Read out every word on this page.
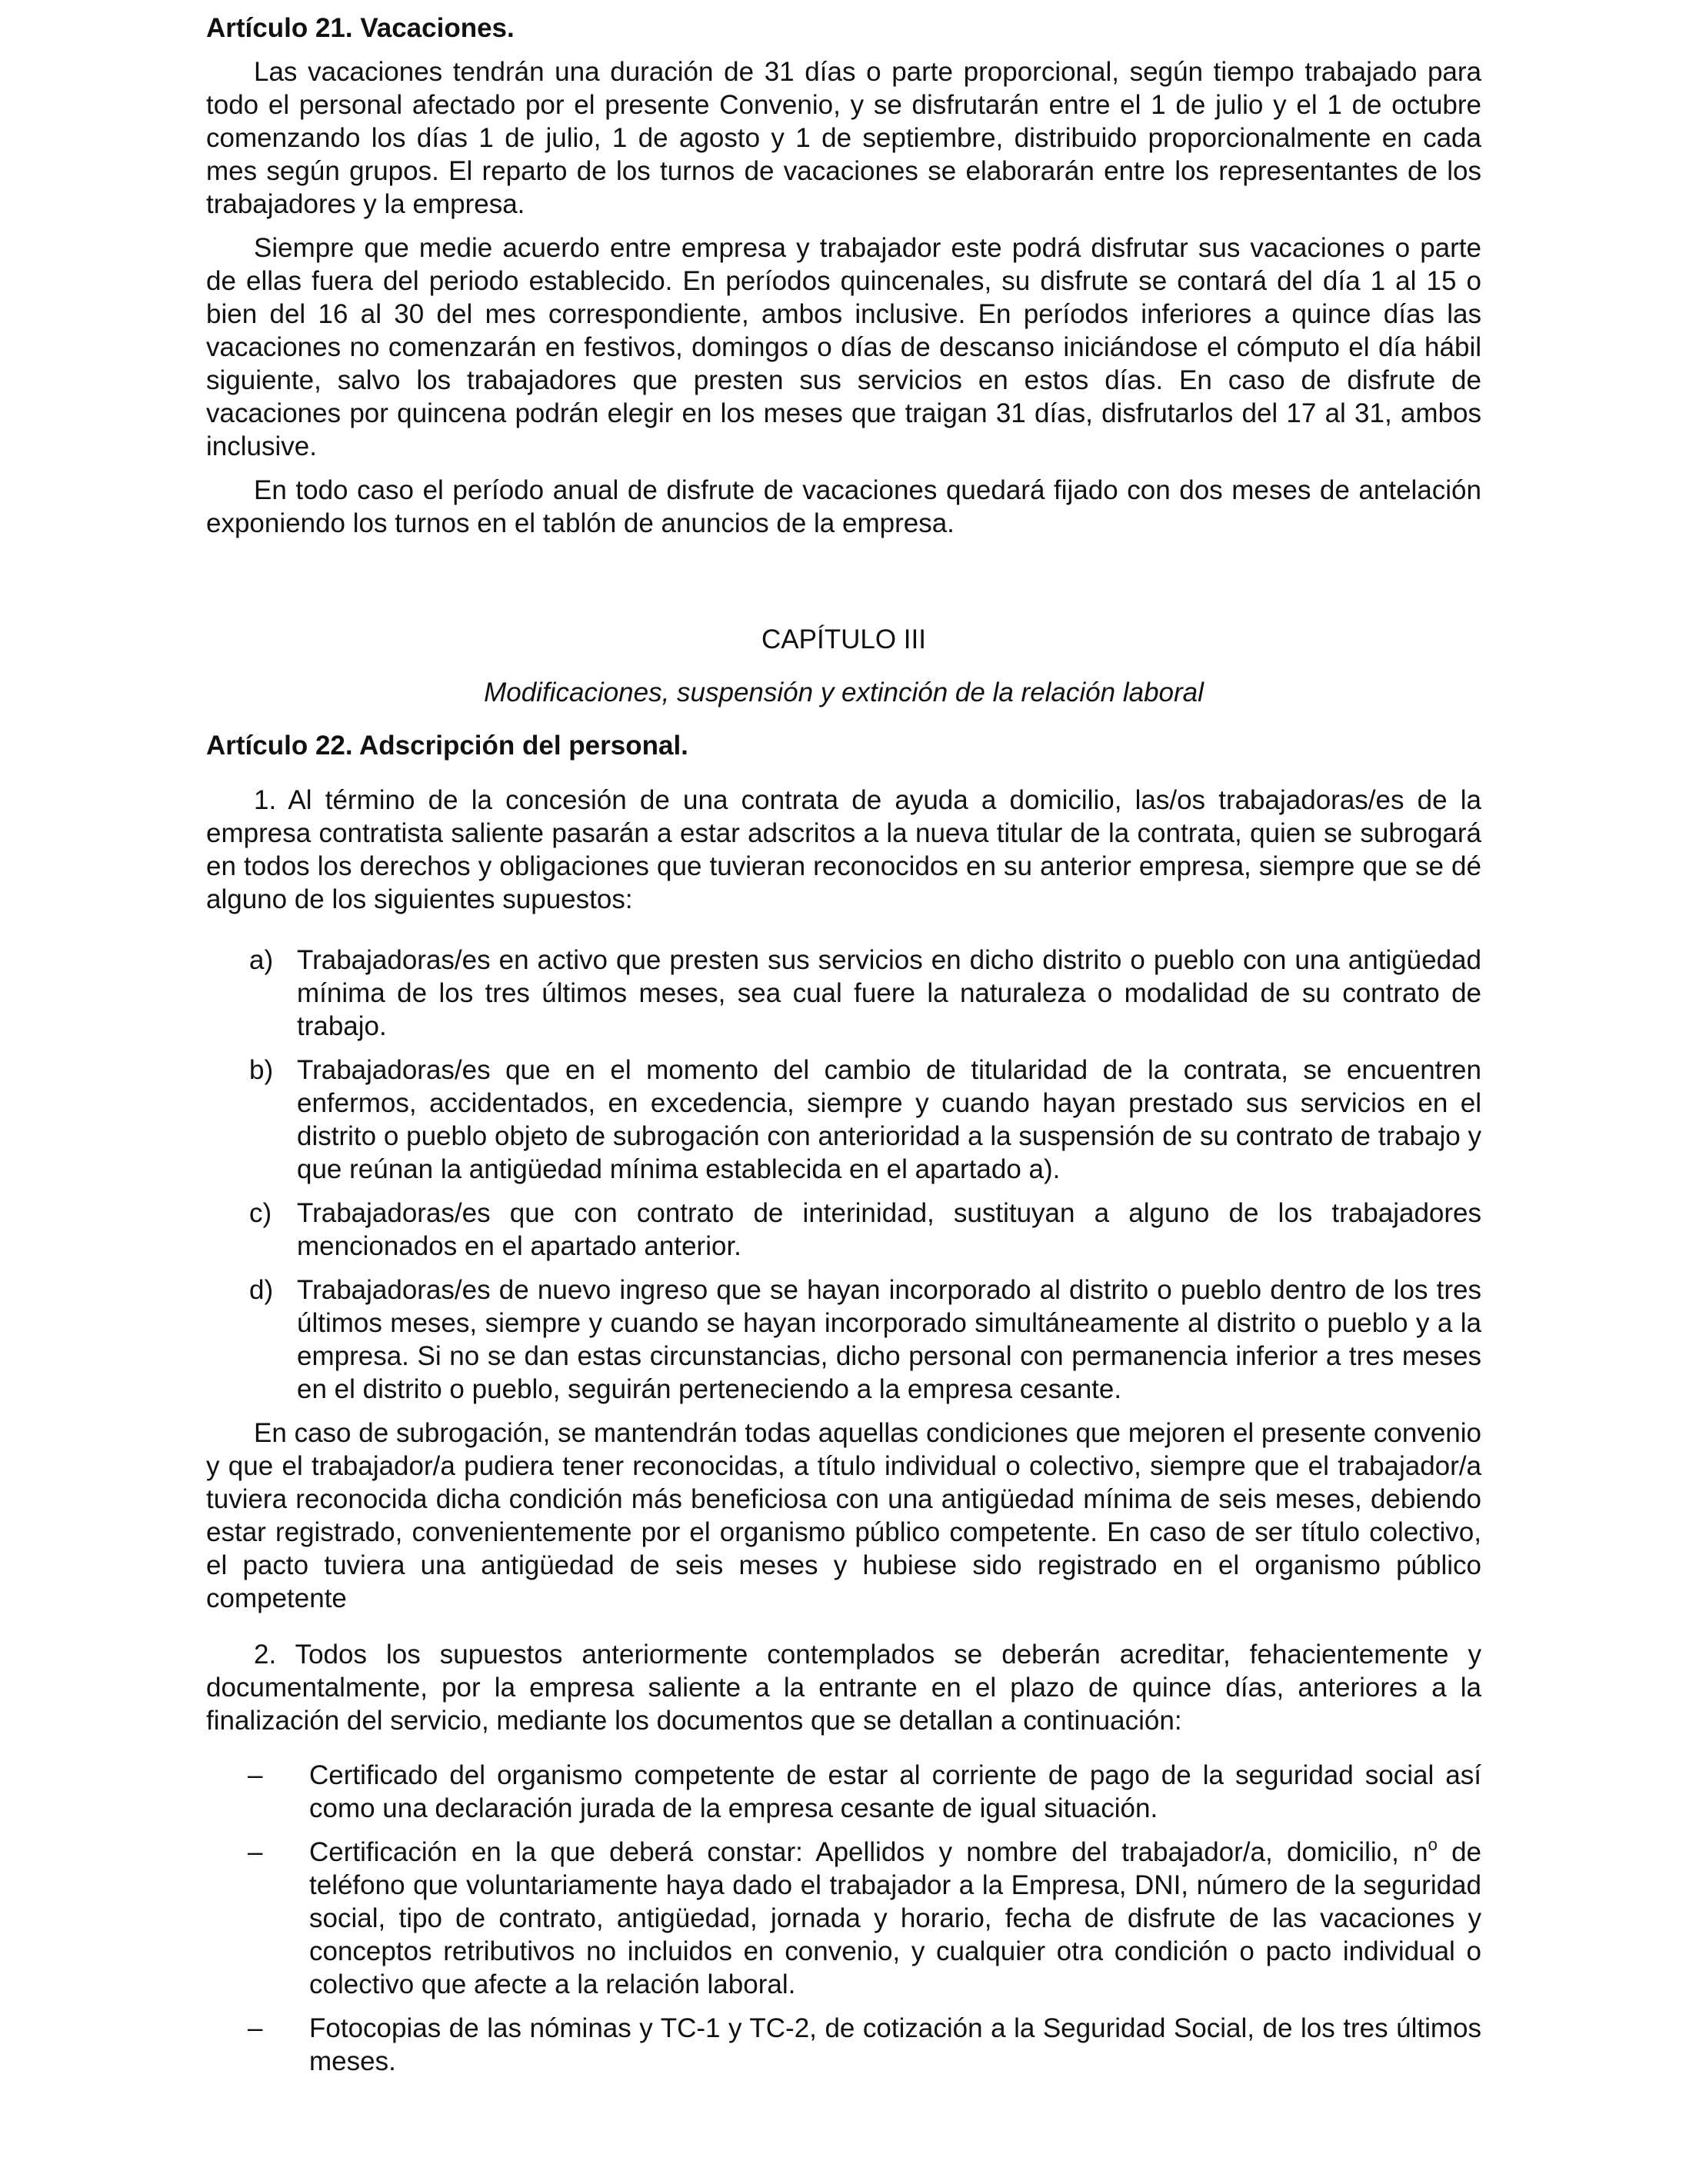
Artículo 21. Vacaciones.

Las vacaciones tendrán una duración de 31 días o parte proporcional, según tiempo trabajado para todo el personal afectado por el presente Convenio, y se disfrutarán entre el 1 de julio y el 1 de octubre comenzando los días 1 de julio, 1 de agosto y 1 de septiembre, distribuido proporcionalmente en cada mes según grupos. El reparto de los turnos de vacaciones se elaborarán entre los representantes de los trabajadores y la empresa.

Siempre que medie acuerdo entre empresa y trabajador este podrá disfrutar sus vacaciones o parte de ellas fuera del periodo establecido. En períodos quincenales, su disfrute se contará del día 1 al 15 o bien del 16 al 30 del mes correspondiente, ambos inclusive. En períodos inferiores a quince días las vacaciones no comenzarán en festivos, domingos o días de descanso iniciándose el cómputo el día hábil siguiente, salvo los trabajadores que presten sus servicios en estos días. En caso de disfrute de vacaciones por quincena podrán elegir en los meses que traigan 31 días, disfrutarlos del 17 al 31, ambos inclusive.

En todo caso el período anual de disfrute de vacaciones quedará fijado con dos meses de antelación exponiendo los turnos en el tablón de anuncios de la empresa.

CAPÍTULO III

Modificaciones, suspensión y extinción de la relación laboral

Artículo 22. Adscripción del personal.

1. Al término de la concesión de una contrata de ayuda a domicilio, las/os trabajadoras/es de la empresa contratista saliente pasarán a estar adscritos a la nueva titular de la contrata, quien se subrogará en todos los derechos y obligaciones que tuvieran reconocidos en su anterior empresa, siempre que se dé alguno de los siguientes supuestos:

a) Trabajadoras/es en activo que presten sus servicios en dicho distrito o pueblo con una antigüedad mínima de los tres últimos meses, sea cual fuere la naturaleza o modalidad de su contrato de trabajo.
b) Trabajadoras/es que en el momento del cambio de titularidad de la contrata, se encuentren enfermos, accidentados, en excedencia, siempre y cuando hayan prestado sus servicios en el distrito o pueblo objeto de subrogación con anterioridad a la suspensión de su contrato de trabajo y que reúnan la antigüedad mínima establecida en el apartado a).
c) Trabajadoras/es que con contrato de interinidad, sustituyan a alguno de los trabajadores mencionados en el apartado anterior.
d) Trabajadoras/es de nuevo ingreso que se hayan incorporado al distrito o pueblo dentro de los tres últimos meses, siempre y cuando se hayan incorporado simultáneamente al distrito o pueblo y a la empresa. Si no se dan estas circunstancias, dicho personal con permanencia inferior a tres meses en el distrito o pueblo, seguirán perteneciendo a la empresa cesante.

En caso de subrogación, se mantendrán todas aquellas condiciones que mejoren el presente convenio y que el trabajador/a pudiera tener reconocidas, a título individual o colectivo, siempre que el trabajador/a tuviera reconocida dicha condición más beneficiosa con una antigüedad mínima de seis meses, debiendo estar registrado, convenientemente por el organismo público competente. En caso de ser título colectivo, el pacto tuviera una antigüedad de seis meses y hubiese sido registrado en el organismo público competente

2. Todos los supuestos anteriormente contemplados se deberán acreditar, fehacientemente y documentalmente, por la empresa saliente a la entrante en el plazo de quince días, anteriores a la finalización del servicio, mediante los documentos que se detallan a continuación:

– Certificado del organismo competente de estar al corriente de pago de la seguridad social así como una declaración jurada de la empresa cesante de igual situación.
– Certificación en la que deberá constar: Apellidos y nombre del trabajador/a, domicilio, $n^o$ de teléfono que voluntariamente haya dado el trabajador a la Empresa, DNI, número de la seguridad social, tipo de contrato, antigüedad, jornada y horario, fecha de disfrute de las vacaciones y conceptos retributivos no incluidos en convenio, y cualquier otra condición o pacto individual o colectivo que afecte a la relación laboral.
– Fotocopias de las nóminas y TC-1 y TC-2, de cotización a la Seguridad Social, de los tres últimos meses.
